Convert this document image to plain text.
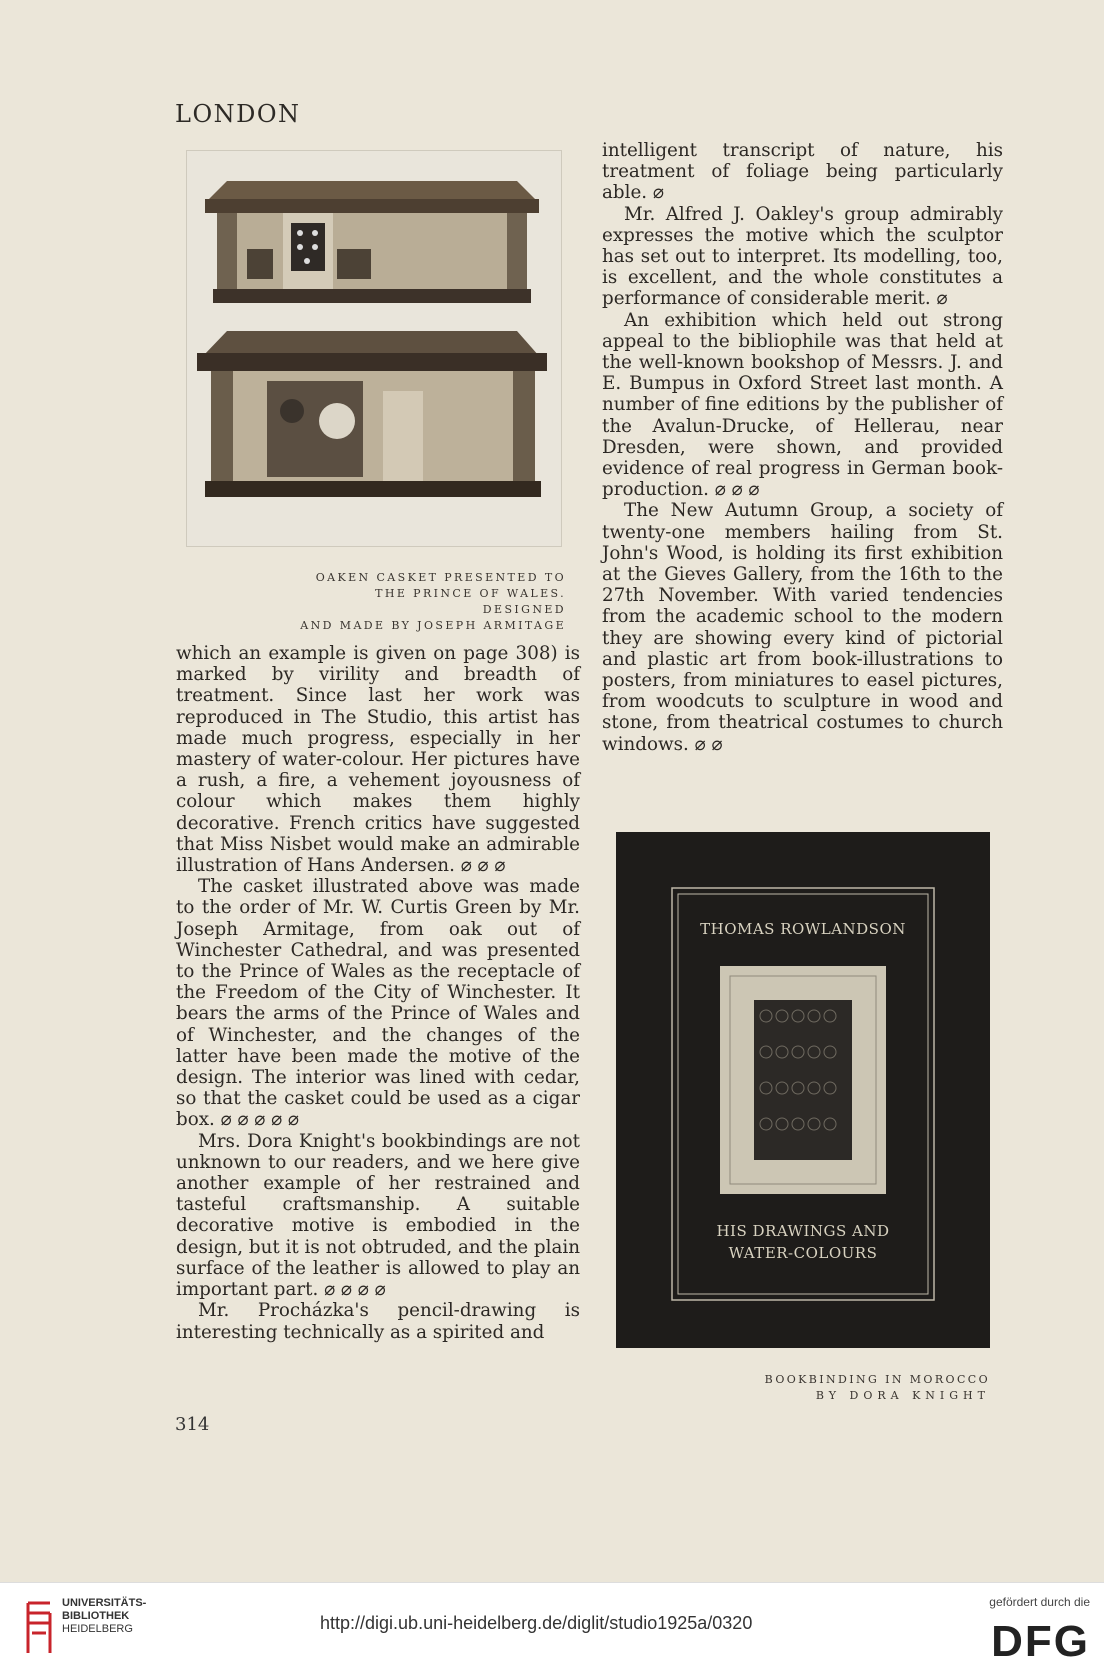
LONDON
OAKEN CASKET PRESENTED TO
THE PRINCE OF WALES. DESIGNED
AND MADE BY JOSEPH ARMITAGE

which an example is given on page 308) is marked by virility and breadth of treatment. Since last her work was reproduced in The Studio, this artist has made much progress, especially in her mastery of water-colour. Her pictures have a rush, a fire, a vehement joyousness of colour which makes them highly decorative. French critics have suggested that Miss Nisbet would make an admirable illustration of Hans Andersen. ⌀ ⌀ ⌀

The casket illustrated above was made to the order of Mr. W. Curtis Green by Mr. Joseph Armitage, from oak out of Winchester Cathedral, and was presented to the Prince of Wales as the receptacle of the Freedom of the City of Winchester. It bears the arms of the Prince of Wales and of Winchester, and the changes of the latter have been made the motive of the design. The interior was lined with cedar, so that the casket could be used as a cigar box. ⌀ ⌀ ⌀ ⌀ ⌀

Mrs. Dora Knight's bookbindings are not unknown to our readers, and we here give another example of her restrained and tasteful craftsmanship. A suitable decorative motive is embodied in the design, but it is not obtruded, and the plain surface of the leather is allowed to play an important part. ⌀ ⌀ ⌀ ⌀

Mr. Procházka's pencil-drawing is interesting technically as a spirited and

intelligent transcript of nature, his treatment of foliage being particularly able. ⌀

Mr. Alfred J. Oakley's group admirably expresses the motive which the sculptor has set out to interpret. Its modelling, too, is excellent, and the whole constitutes a performance of considerable merit. ⌀

An exhibition which held out strong appeal to the bibliophile was that held at the well-known bookshop of Messrs. J. and E. Bumpus in Oxford Street last month. A number of fine editions by the publisher of the Avalun-Drucke, of Hellerau, near Dresden, were shown, and provided evidence of real progress in German book-production. ⌀ ⌀ ⌀

The New Autumn Group, a society of twenty-one members hailing from St. John's Wood, is holding its first exhibition at the Gieves Gallery, from the 16th to the 27th November. With varied tendencies from the academic school to the modern they are showing every kind of pictorial and plastic art from book-illustrations to posters, from miniatures to easel pictures, from woodcuts to sculpture in wood and stone, from theatrical costumes to church windows. ⌀ ⌀

THOMAS ROWLANDSON
HIS DRAWINGS AND
WATER-COLOURS
BOOKBINDING IN MOROCCO
BY DORA KNIGHT
314
UNIVERSITÄTS-
BIBLIOTHEK
HEIDELBERG	http://digi.ub.uni-heidelberg.de/diglit/studio1925a/0320
gefördert durch die
DFG
